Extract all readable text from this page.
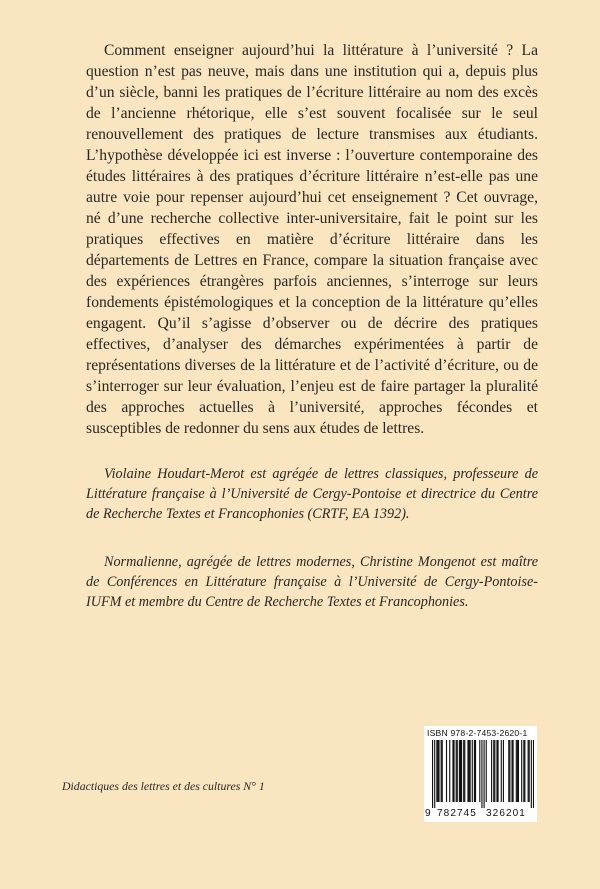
Comment enseigner aujourd’hui la littérature à l’université ? La question n’est pas neuve, mais dans une institution qui a, depuis plus d’un siècle, banni les pratiques de l’écriture littéraire au nom des excès de l’ancienne rhétorique, elle s’est souvent focalisée sur le seul renouvellement des pratiques de lecture transmises aux étudiants. L’hypothèse développée ici est inverse : l’ouverture contemporaine des études littéraires à des pratiques d’écriture littéraire n’est-elle pas une autre voie pour repenser aujourd’hui cet enseignement ? Cet ouvrage, né d’une recherche collective inter-universitaire, fait le point sur les pratiques effectives en matière d’écriture littéraire dans les départements de Lettres en France, compare la situation française avec des expériences étrangères parfois anciennes, s’interroge sur leurs fondements épistémologiques et la conception de la littérature qu’elles engagent. Qu’il s’agisse d’observer ou de décrire des pratiques effectives, d’analyser des démarches expérimentées à partir de représentations diverses de la littérature et de l’activité d’écriture, ou de s’interroger sur leur évaluation, l’enjeu est de faire partager la pluralité des approches actuelles à l’université, approches fécondes et susceptibles de redonner du sens aux études de lettres.

Violaine Houdart-Merot est agrégée de lettres classiques, professeure de Littérature française à l’Université de Cergy-Pontoise et directrice du Centre de Recherche Textes et Francophonies (CRTF, EA 1392).

Normalienne, agrégée de lettres modernes, Christine Mongenot est maître de Conférences en Littérature française à l’Université de Cergy-Pontoise-IUFM et membre du Centre de Recherche Textes et Francophonies.

Didactiques des lettres et des cultures N° 1

ISBN 978-2-7453-2620-1
9 782745 326201
